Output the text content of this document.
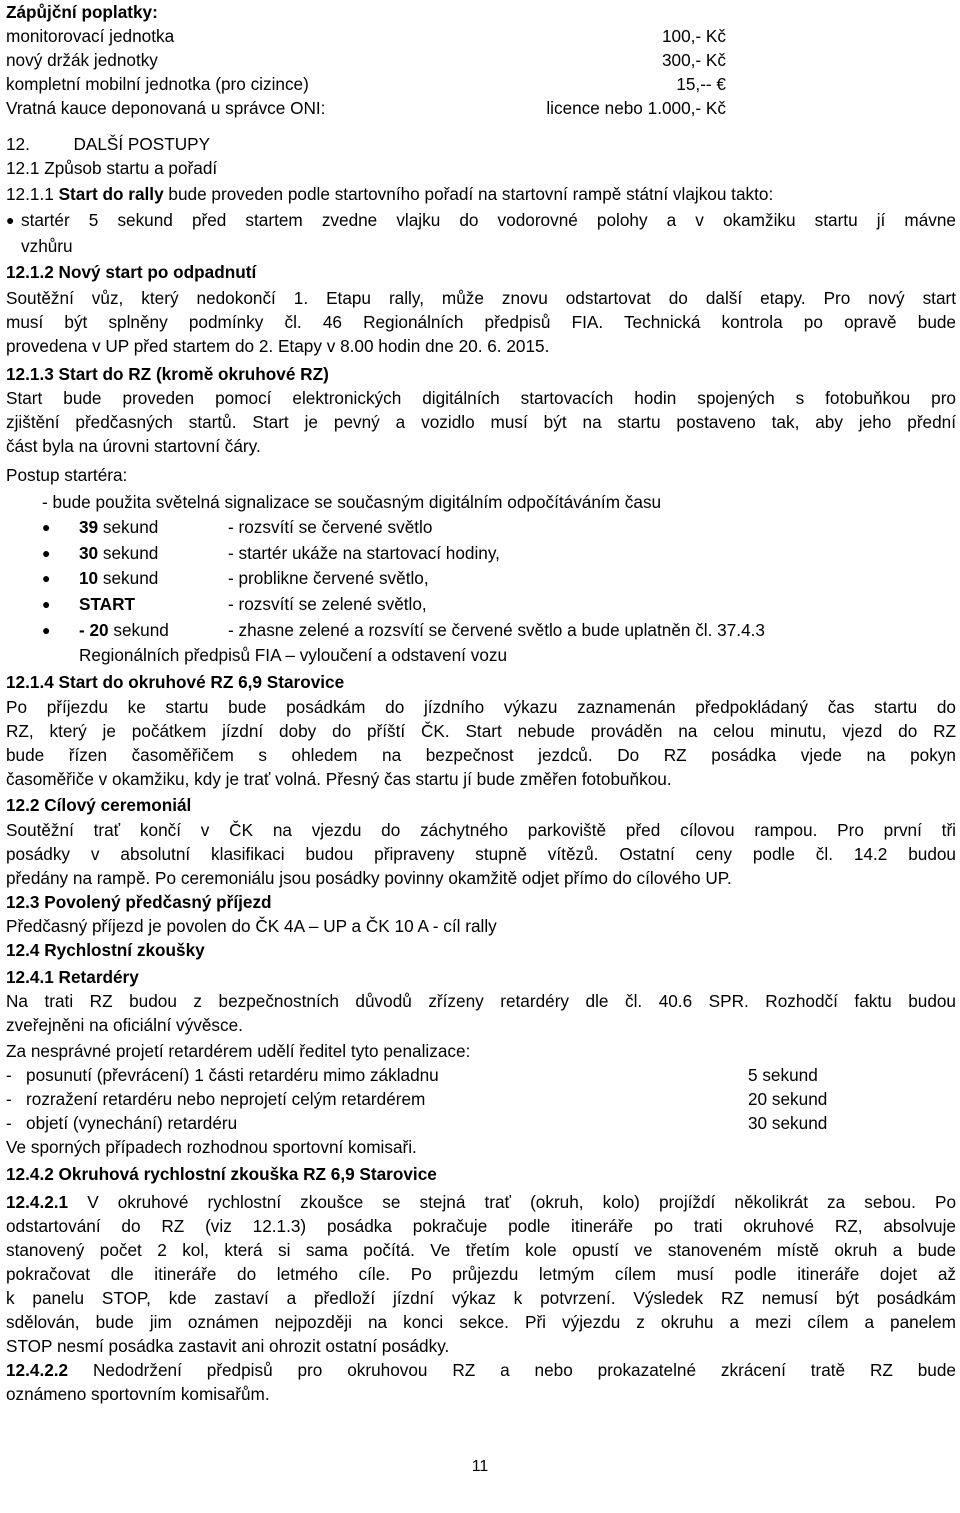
Zápůjční poplatky:
monitorovací jednotka	100,- Kč
nový držák jednotky	300,- Kč
kompletní mobilní jednotka (pro cizince)	15,-- €
Vratná kauce deponovaná u správce ONI:	licence nebo 1.000,- Kč
12.	DALŠÍ POSTUPY
12.1 Způsob startu a pořadí
12.1.1 Start do rally bude proveden podle startovního pořadí na startovní rampě státní vlajkou takto:
● startér 5 sekund před startem zvedne vlajku do vodorovné polohy a v okamžiku startu jí mávne
vzhůru
12.1.2 Nový start po odpadnutí
Soutěžní vůz, který nedokončí 1. Etapu rally, může znovu odstartovat do další etapy. Pro nový start
musí být splněny podmínky čl. 46 Regionálních předpisů FIA. Technická kontrola po opravě bude
provedena v UP před startem do 2. Etapy v 8.00 hodin dne 20. 6. 2015.
12.1.3 Start do RZ (kromě okruhové RZ)
Start bude proveden pomocí elektronických digitálních startovacích hodin spojených s fotobuňkou pro
zjištění předčasných startů. Start je pevný a vozidlo musí být na startu postaveno tak, aby jeho přední
část byla na úrovni startovní čáry.
Postup startéra:
- bude použita světelná signalizace se současným digitálním odpočítáváním času
● 39 sekund	- rozsvítí se červené světlo
● 30 sekund	- startér ukáže na startovací hodiny,
● 10 sekund	- problikne červené světlo,
● START	- rozsvítí se zelené světlo,
● - 20 sekund	- zhasne zelené a rozsvítí se červené světlo a bude uplatněn čl. 37.4.3
Regionálních předpisů FIA – vyloučení a odstavení vozu
12.1.4 Start do okruhové RZ 6,9 Starovice
Po příjezdu ke startu bude posádkám do jízdního výkazu zaznamenán předpokládaný čas startu do
RZ, který je počátkem jízdní doby do příští ČK. Start nebude prováděn na celou minutu, vjezd do RZ
bude řízen časoměřičem s ohledem na bezpečnost jezdců. Do RZ posádka vjede na pokyn
časoměřiče v okamžiku, kdy je trať volná. Přesný čas startu jí bude změřen fotobuňkou.
12.2 Cílový ceremoniál
Soutěžní trať končí v ČK na vjezdu do záchytného parkoviště před cílovou rampou. Pro první tři
posádky v absolutní klasifikaci budou připraveny stupně vítězů. Ostatní ceny podle čl. 14.2 budou
předány na rampě. Po ceremoniálu jsou posádky povinny okamžitě odjet přímo do cílového UP.
12.3 Povolený předčasný příjezd
Předčasný příjezd je povolen do ČK 4A – UP a ČK 10 A - cíl rally
12.4 Rychlostní zkoušky
12.4.1 Retardéry
Na trati RZ budou z bezpečnostních důvodů zřízeny retardéry dle čl. 40.6 SPR. Rozhodčí faktu budou
zveřejněni na oficiální vývěsce.
Za nesprávné projetí retardérem udělí ředitel tyto penalizace:
-   posunutí (převrácení) 1 části retardéru mimo základnu	5 sekund
-   rozražení retardéru nebo neprojetí celým retardérem	20 sekund
-   objetí (vynechání) retardéru	30 sekund
Ve sporných případech rozhodnou sportovní komisaři.
12.4.2 Okruhová rychlostní zkouška RZ 6,9 Starovice
12.4.2.1 V okruhové rychlostní zkoušce se stejná trať (okruh, kolo) projíždí několikrát za sebou. Po
odstartování do RZ (viz 12.1.3) posádka pokračuje podle itineráře po trati okruhové RZ, absolvuje
stanovený počet 2 kol, která si sama počítá. Ve třetím kole opustí ve stanoveném místě okruh a bude
pokračovat dle itineráře do letmého cíle. Po průjezdu letmým cílem musí podle itineráře dojet až
k panelu STOP, kde zastaví a předloží jízdní výkaz k potvrzení. Výsledek RZ nemusí být posádkám
sdělován, bude jim oznámen nejpozději na konci sekce. Při výjezdu z okruhu a mezi cílem a panelem
STOP nesmí posádka zastavit ani ohrozit ostatní posádky.
12.4.2.2 Nedodržení předpisů pro okruhovou RZ a nebo prokazatelné zkrácení tratě RZ bude
oznámeno sportovním komisařům.
11
